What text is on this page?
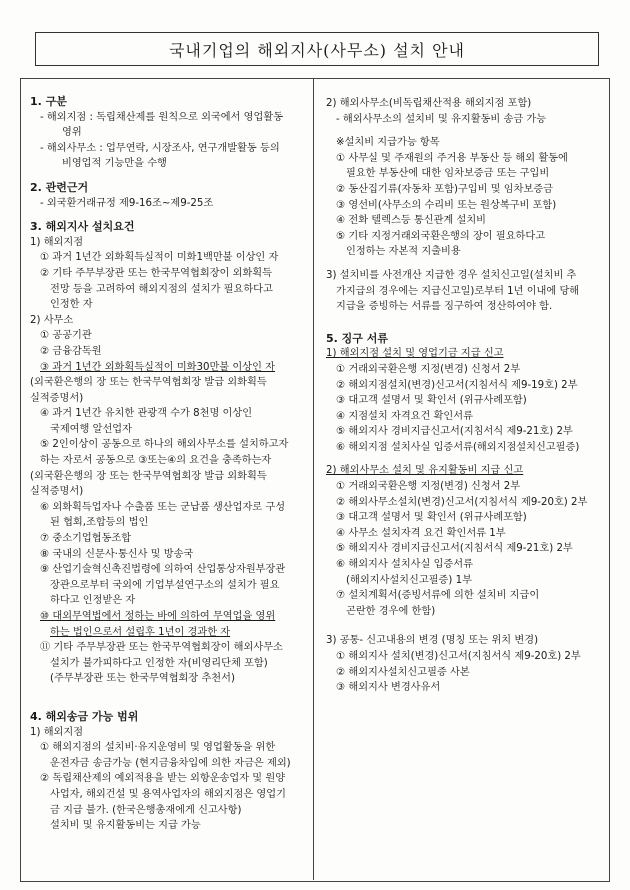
국내기업의 해외지사(사무소) 설치 안내
1. 구분
- 해외지점 : 독립채산제를 원칙으로 외국에서 영업활동
영위
- 해외사무소 : 업무연락, 시장조사, 연구개발활동 등의
비영업적 기능만을 수행
2. 관련근거
- 외국환거래규정 제9-16조~제9-25조
3. 해외지사 설치요건
1) 해외지점
① 과거 1년간 외화획득실적이 미화1백만불 이상인 자
② 기타 주무부장관 또는 한국무역협회장이 외화획득
전망 등을 고려하여 해외지점의 설치가 필요하다고
인정한 자
2) 사무소
① 공공기관
② 금융감독원
③ 과거 1년간 외화획득실적이 미화30만불 이상인 자
(외국환은행의 장 또는 한국무역협회장 발급 외화획득
실적증명서)
④ 과거 1년간 유치한 관광객 수가 8천명 이상인
국제여행 알선업자
⑤ 2인이상이 공동으로 하나의 해외사무소를 설치하고자
하는 자로서 공동으로 ③또는④의 요건을 충족하는자
(외국환은행의 장 또는 한국무역협회장 발급 외화획득
실적증명서)
⑥ 외화획득업자나 수출품 또는 군납품 생산업자로 구성
된 협회,조합등의 법인
⑦ 중소기업협동조합
⑧ 국내의 신문사·통신사 및 방송국
⑨ 산업기술혁신촉진법령에 의하여 산업통상자원부장관
장관으로부터 국외에 기업부설연구소의 설치가 필요
하다고 인정받은 자
⑩ 대외무역법에서 정하는 바에 의하여 무역업을 영위
하는 법인으로서 설립후 1년이 경과한 자
⑪ 기타 주무부장관 또는 한국무역협회장이 해외사무소
설치가 불가피하다고 인정한 자(비영리단체 포함)
(주무부장관 또는 한국무역협회장 추천서)
4. 해외송금 가능 범위
1) 해외지점
① 해외지점의 설치비·유지운영비 및 영업활동을 위한
운전자금 송금가능 (현지금융차입에 의한 자금은 제외)
② 독립채산제의 예외적용을 받는 외항운송업자 및 원양
사업자, 해외건설 및 용역사업자의 해외지점은 영업기
금 지급 불가. (한국은행총재에게 신고사항)
설치비 및 유지활동비는 지급 가능
2) 해외사무소(비독립채산적용 해외지점 포함)
- 해외사무소의 설치비 및 유지활동비 송금 가능
※설치비 지급가능 항목
① 사무실 및 주재원의 주거용 부동산 등 해외 활동에
필요한 부동산에 대한 임차보증금 또는 구입비
② 동산집기류(자동차 포함)구입비 및 임차보증금
③ 영선비(사무소의 수리비 또는 원상복구비 포함)
④ 전화 텔렉스등 통신관계 설치비
⑤ 기타 지정거래외국환은행의 장이 필요하다고
인정하는 자본적 지출비용
3) 설치비를 사전개산 지급한 경우 설치신고일(설치비 추
가지급의 경우에는 지급신고일)로부터 1년 이내에 당해
지급을 증빙하는 서류를 징구하여 정산하여야 함.
5. 징구 서류
1) 해외지점 설치 및 영업기금 지급 신고
① 거래외국환은행 지정(변경) 신청서 2부
② 해외지점설치(변경)신고서(지침서식 제9-19호) 2부
③ 대고객 설명서 및 확인서 (위규사례포함)
④ 지점설치 자격요건 확인서류
⑤ 해외지사 경비지급신고서(지침서식 제9-21호) 2부
⑥ 해외지점 설치사실 입증서류(해외지점설치신고필증)
2) 해외사무소 설치 및 유지활동비 지급 신고
① 거래외국환은행 지정(변경) 신청서 2부
② 해외사무소설치(변경)신고서(지침서식 제9-20호) 2부
③ 대고객 설명서 및 확인서 (위규사례포함)
④ 사무소 설치자격 요건 확인서류 1부
⑤ 해외지사 경비지급신고서(지침서식 제9-21호) 2부
⑥ 해외지사 설치사실 입증서류
(해외지사설치신고필증) 1부
⑦ 설치계획서(증빙서류에 의한 설치비 지급이
곤란한 경우에 한함)
3) 공통- 신고내용의 변경 (명칭 또는 위치 변경)
① 해외지사 설치(변경)신고서(지침서식 제9-20호) 2부
② 해외지사설치신고필증 사본
③ 해외지사 변경사유서
